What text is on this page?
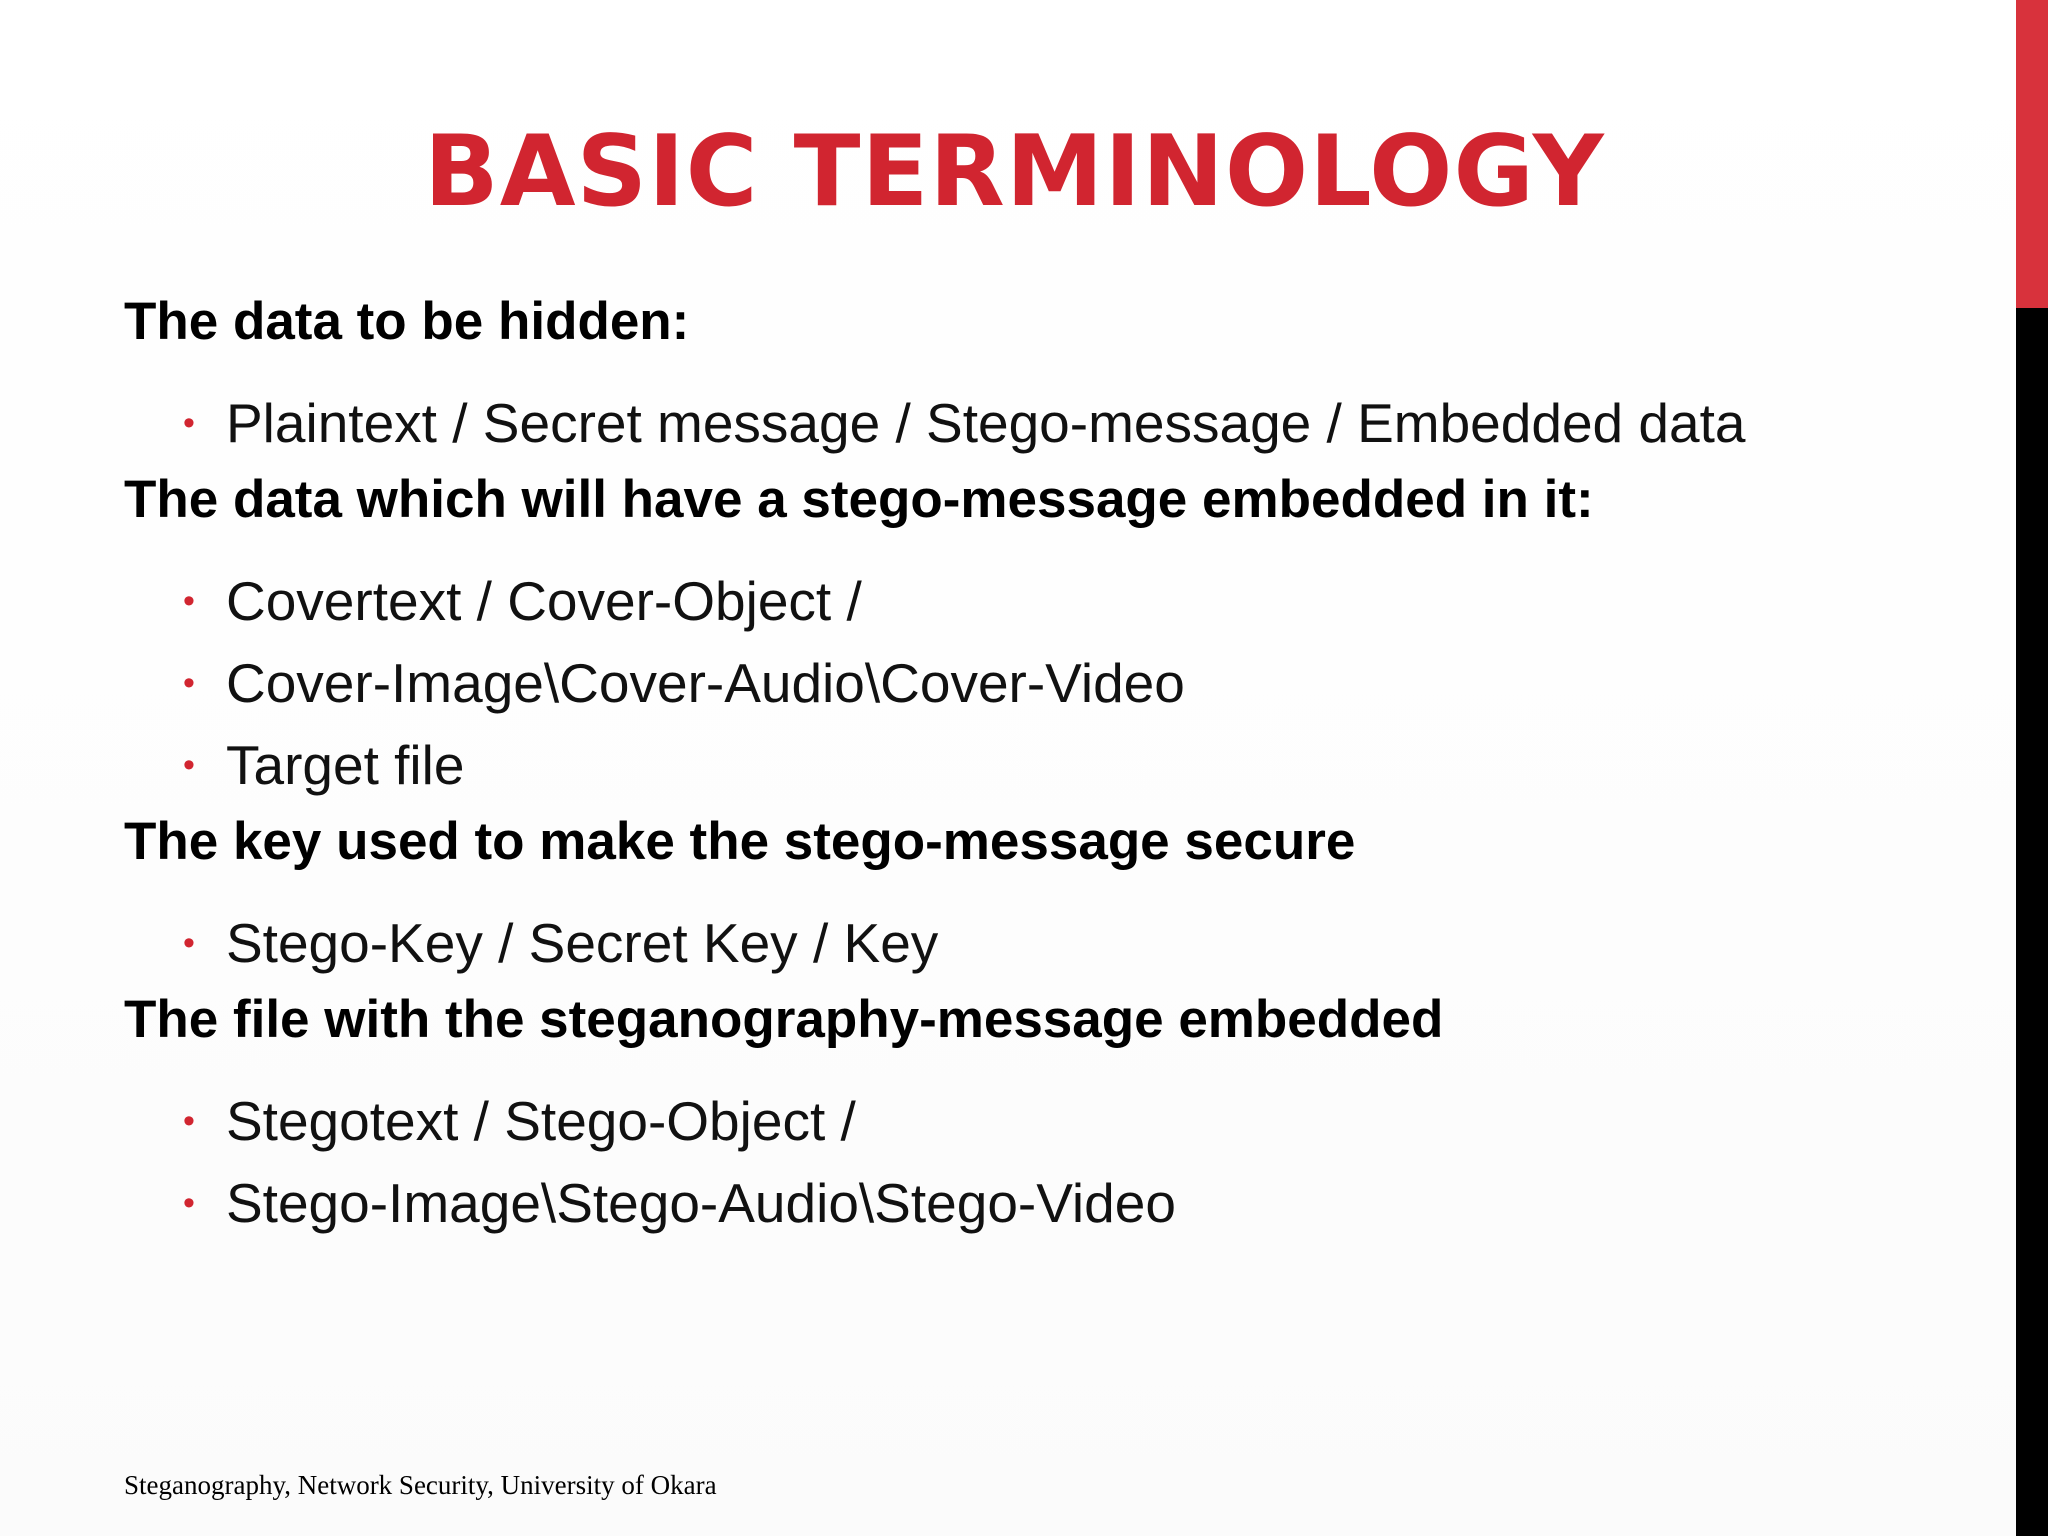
BASIC TERMINOLOGY
The data to be hidden:
• Plaintext / Secret message / Stego-message / Embedded data
The data which will have a stego-message embedded in it:
• Covertext / Cover-Object /
• Cover-Image\Cover-Audio\Cover-Video
• Target file
The key used to make the stego-message secure
• Stego-Key / Secret Key / Key
The file with the steganography-message embedded
• Stegotext / Stego-Object /
• Stego-Image\Stego-Audio\Stego-Video
Steganography, Network Security, University of Okara
